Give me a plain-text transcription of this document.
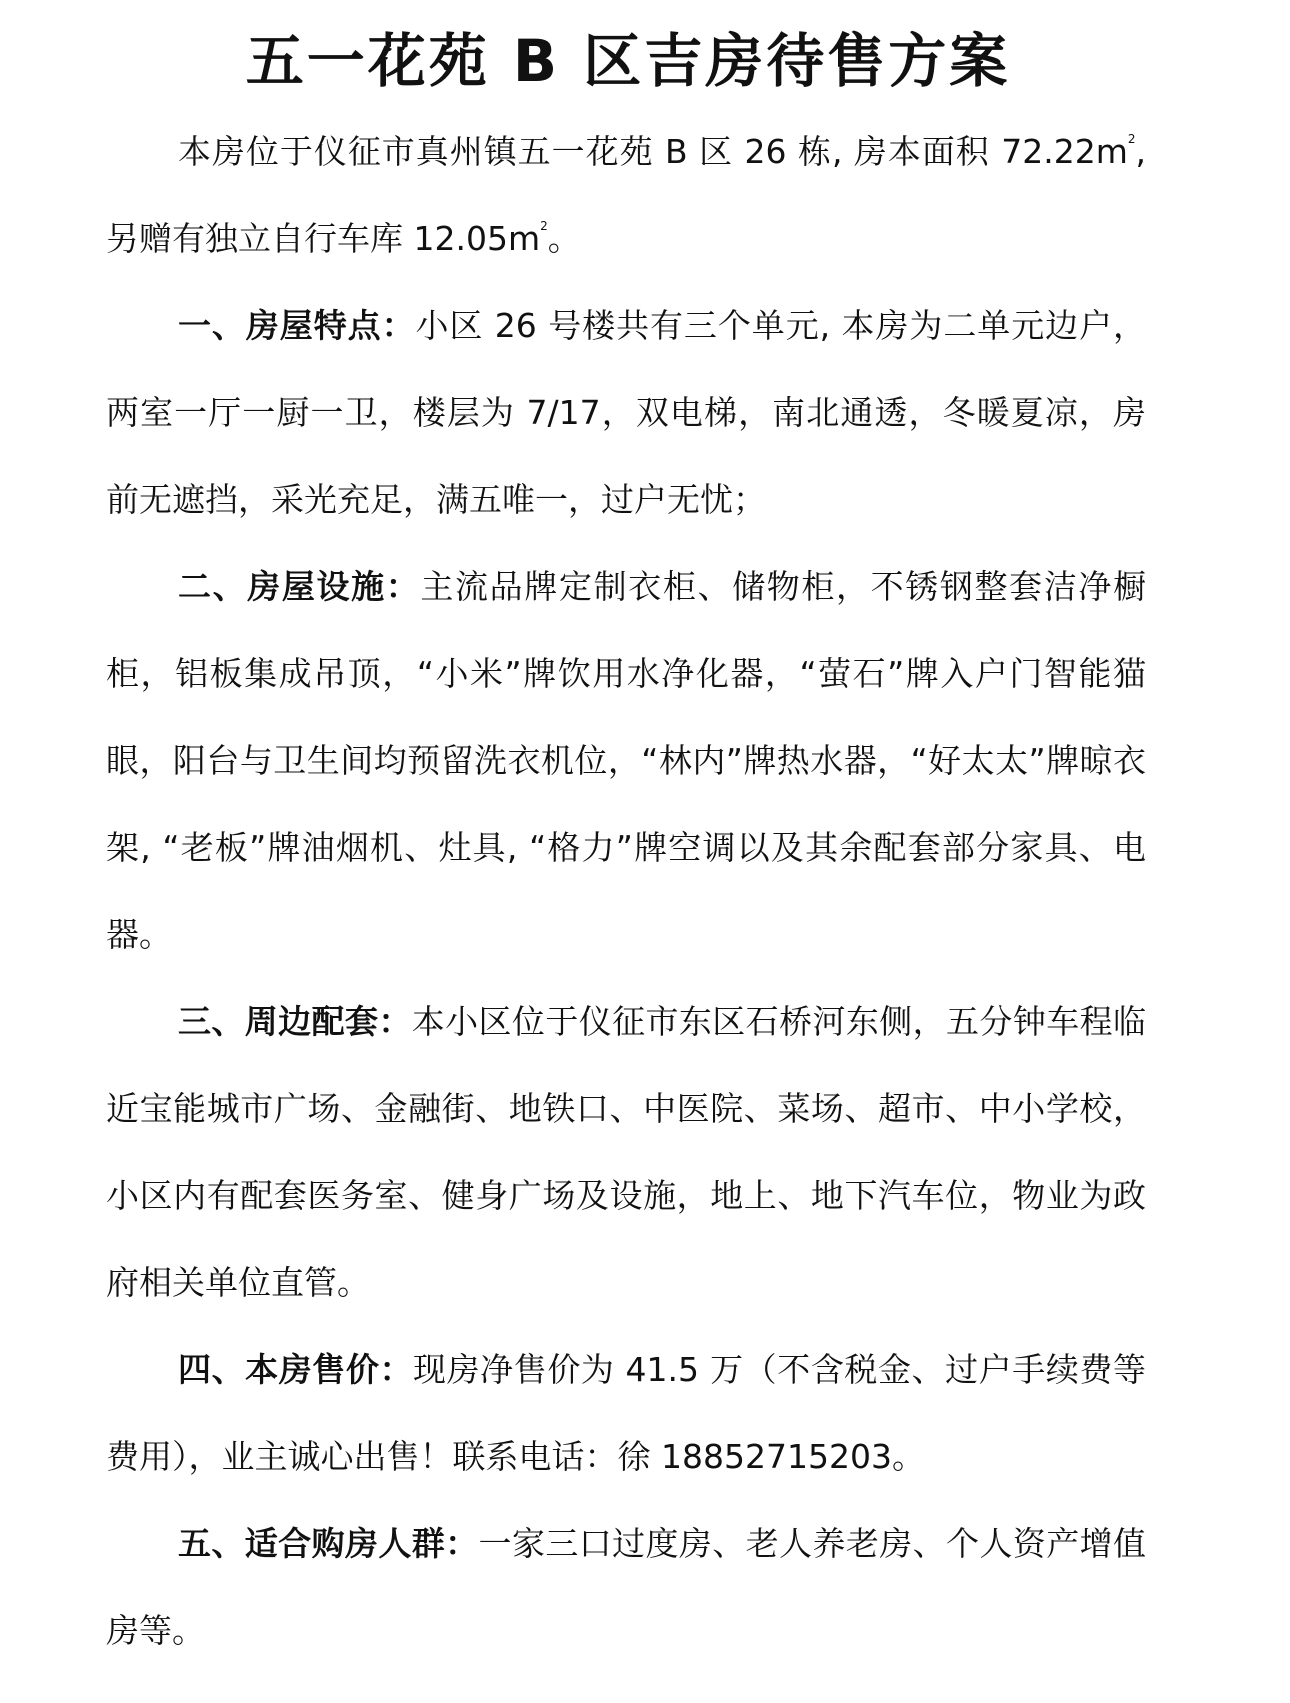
五一花苑 B 区吉房待售方案

本房位于仪征市真州镇五一花苑 B 区 26 栋, 房本面积 $72.22m^2$, 另赠有独立自行车库 $12.05m^2$。

一、房屋特点：小区 26 号楼共有三个单元, 本房为二单元边户，两室一厅一厨一卫，楼层为 7/17，双电梯，南北通透，冬暖夏凉，房前无遮挡，采光充足，满五唯一，过户无忧；

二、房屋设施：主流品牌定制衣柜、储物柜，不锈钢整套洁净橱柜，铝板集成吊顶，“小米”牌饮用水净化器，“萤石”牌入户门智能猫眼，阳台与卫生间均预留洗衣机位，“林内”牌热水器，“好太太”牌晾衣架, “老板”牌油烟机、灶具, “格力”牌空调以及其余配套部分家具、电器。

三、周边配套：本小区位于仪征市东区石桥河东侧，五分钟车程临近宝能城市广场、金融街、地铁口、中医院、菜场、超市、中小学校，小区内有配套医务室、健身广场及设施，地上、地下汽车位，物业为政府相关单位直管。

四、本房售价：现房净售价为 41.5 万（不含税金、过户手续费等费用），业主诚心出售！联系电话：徐 18852715203。

五、适合购房人群：一家三口过度房、老人养老房、个人资产增值房等。
